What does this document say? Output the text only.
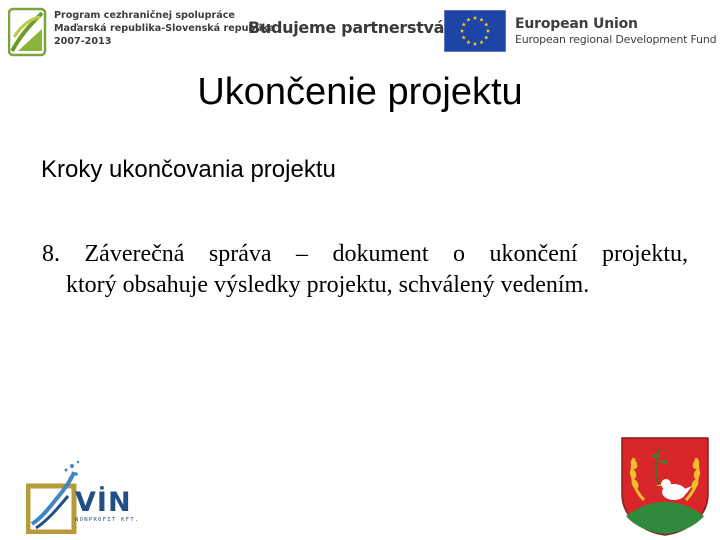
Program cezhraničnej spolupráce
Maďarská republika-Slovenská republika
2007-2013
Budujeme partnerstvá	European Union
European regional Development Fund
Ukončenie projektu
Kroky ukončovania projektu
8. Záverečná správa – dokument o ukončení projektu,
ktorý obsahuje výsledky projektu, schválený vedením.
VİN
NONPROFIT KFT.
